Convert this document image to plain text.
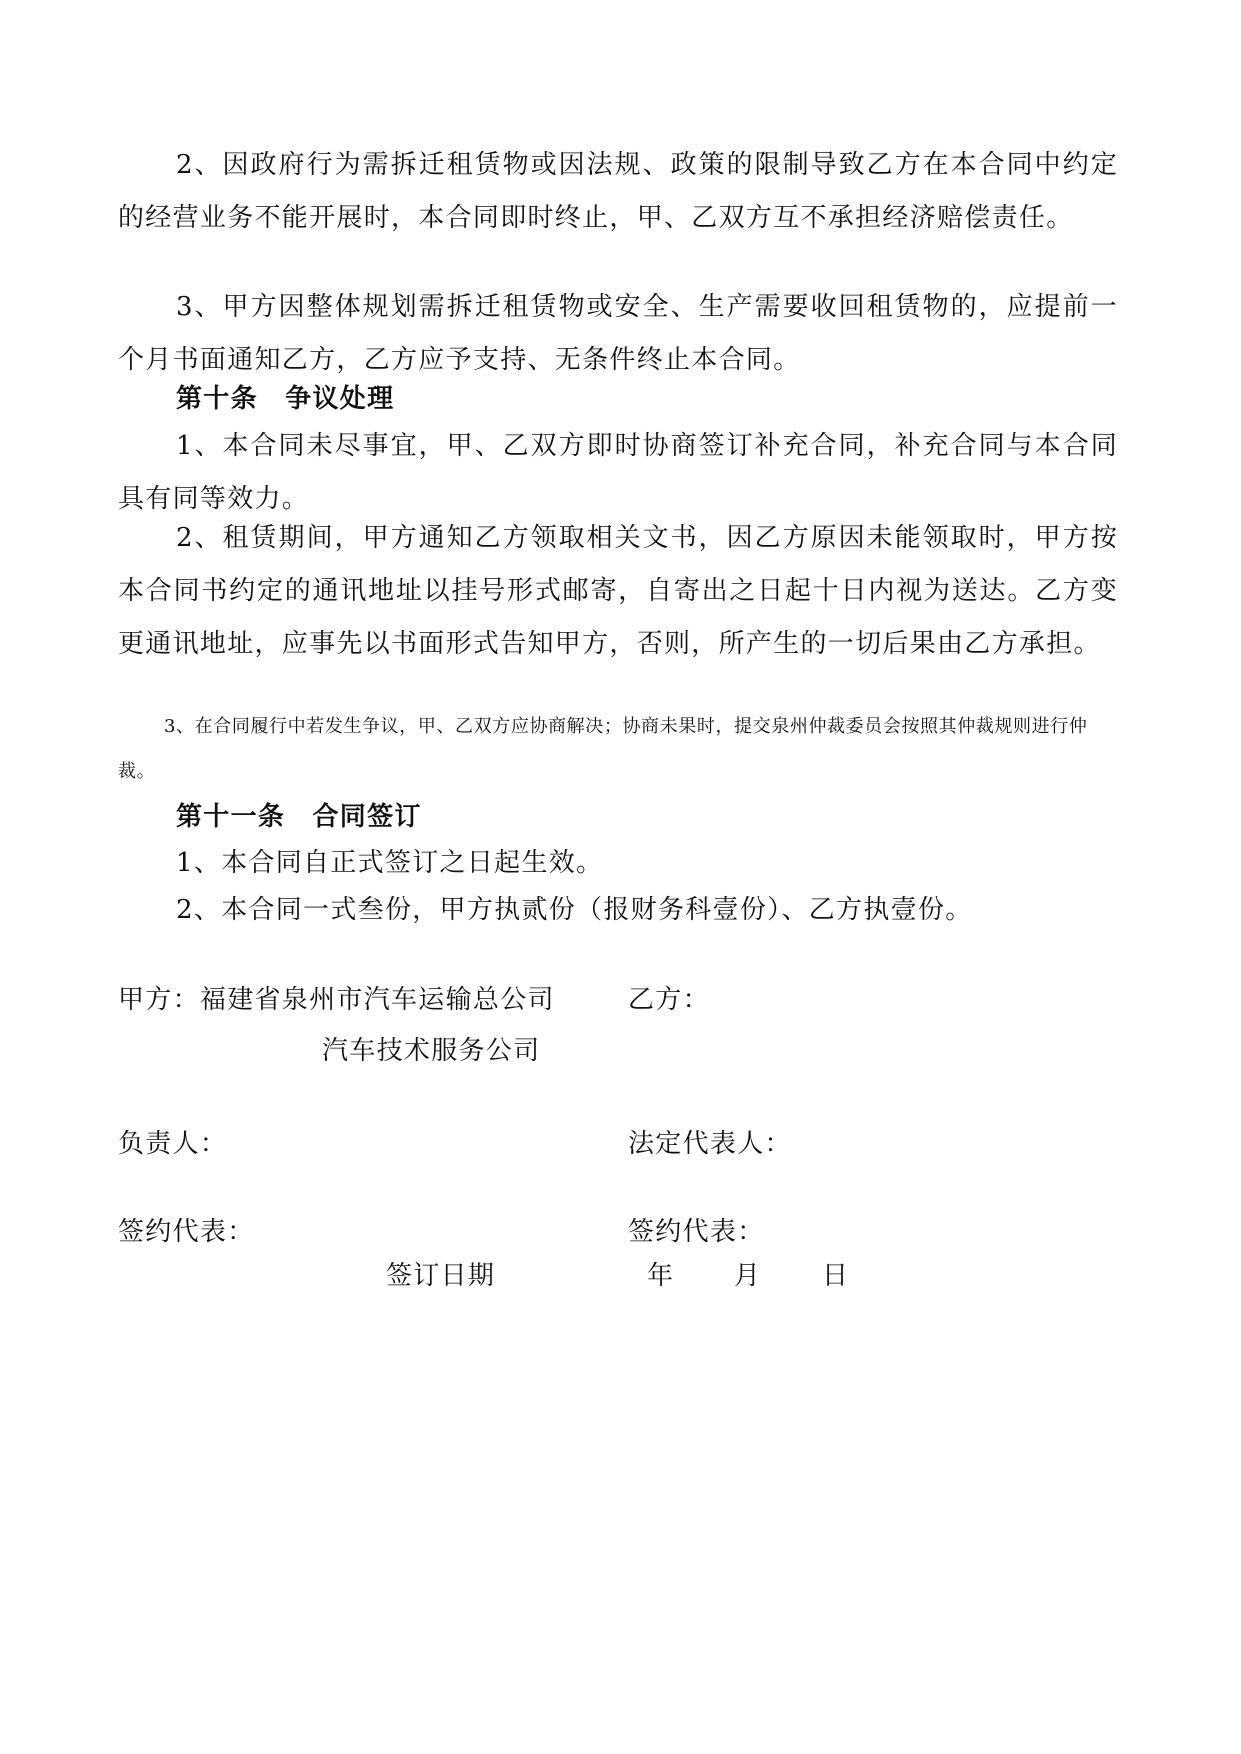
2、因政府行为需拆迁租赁物或因法规、政策的限制导致乙方在本合同中约定的经营业务不能开展时，本合同即时终止，甲、乙双方互不承担经济赔偿责任。

3、甲方因整体规划需拆迁租赁物或安全、生产需要收回租赁物的，应提前一个月书面通知乙方，乙方应予支持、无条件终止本合同。

第十条　争议处理

1、本合同未尽事宜，甲、乙双方即时协商签订补充合同，补充合同与本合同具有同等效力。

2、租赁期间，甲方通知乙方领取相关文书，因乙方原因未能领取时，甲方按本合同书约定的通讯地址以挂号形式邮寄，自寄出之日起十日内视为送达。乙方变更通讯地址，应事先以书面形式告知甲方，否则，所产生的一切后果由乙方承担。

3、在合同履行中若发生争议，甲、乙双方应协商解决；协商未果时，提交泉州仲裁委员会按照其仲裁规则进行仲裁。

第十一条　合同签订

1、本合同自正式签订之日起生效。

2、本合同一式叁份，甲方执贰份（报财务科壹份）、乙方执壹份。

甲方：福建省泉州市汽车运输总公司
汽车技术服务公司
乙方：
负责人：	法定代表人：
签约代表：	签约代表：
签订日期	年 月 日
